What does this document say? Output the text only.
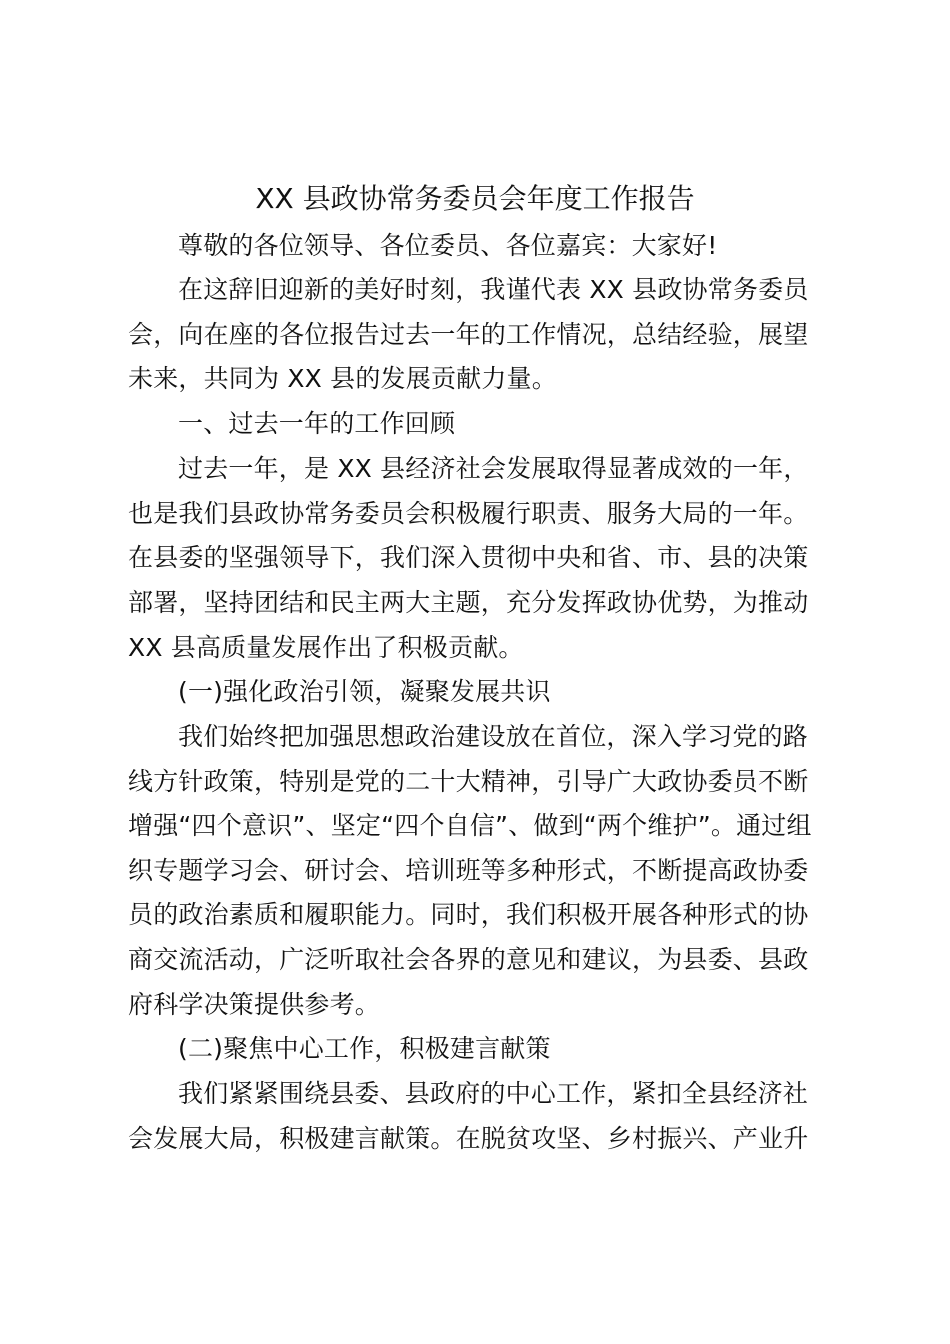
XX 县政协常务委员会年度工作报告
尊敬的各位领导、各位委员、各位嘉宾：大家好!
在这辞旧迎新的美好时刻，我谨代表 XX 县政协常务委员
会，向在座的各位报告过去一年的工作情况，总结经验，展望
未来，共同为 XX 县的发展贡献力量。
一、过去一年的工作回顾
过去一年，是 XX 县经济社会发展取得显著成效的一年，
也是我们县政协常务委员会积极履行职责、服务大局的一年。
在县委的坚强领导下，我们深入贯彻中央和省、市、县的决策
部署，坚持团结和民主两大主题，充分发挥政协优势，为推动
XX 县高质量发展作出了积极贡献。
(一)强化政治引领，凝聚发展共识
我们始终把加强思想政治建设放在首位，深入学习党的路
线方针政策，特别是党的二十大精神，引导广大政协委员不断
增强“四个意识”、坚定“四个自信”、做到“两个维护”。通过组
织专题学习会、研讨会、培训班等多种形式，不断提高政协委
员的政治素质和履职能力。同时，我们积极开展各种形式的协
商交流活动，广泛听取社会各界的意见和建议，为县委、县政
府科学决策提供参考。
(二)聚焦中心工作，积极建言献策
我们紧紧围绕县委、县政府的中心工作，紧扣全县经济社
会发展大局，积极建言献策。在脱贫攻坚、乡村振兴、产业升
